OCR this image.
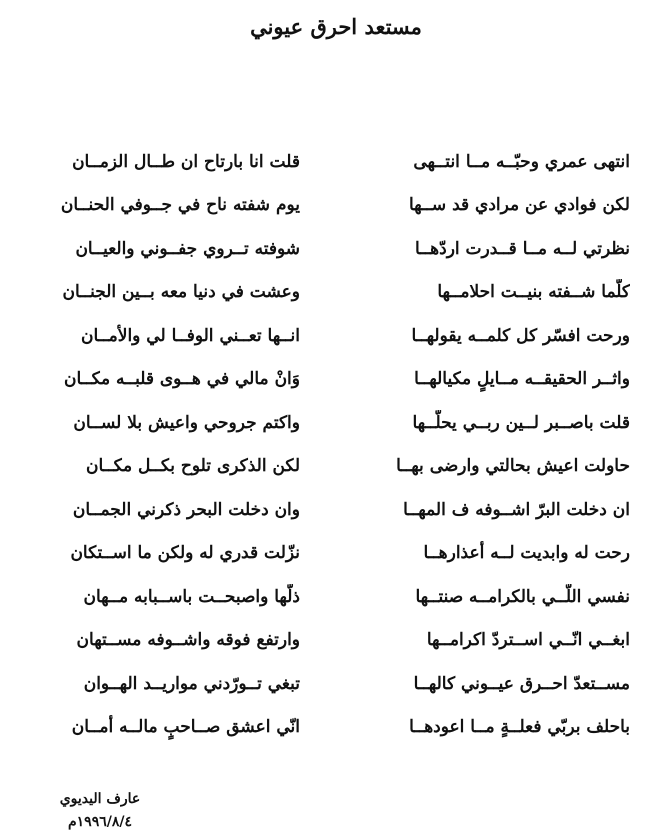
مستعد احرق عيوني
انتهى عمري وحبّــه مــا انتــهى
قلت انا بارتاح ان طــال الزمــان
لكن فوادي عن مرادي قد ســها
يوم شفته ناح في جــوفي الحنــان
نظرتي لــه مــا قــدرت اردّهــا
شوفته تــروي جفــوني والعيــان
كلّما شــفته بنيــت احلامــها
وعشت في دنيا معه بــين الجنــان
ورحت افسّر كل كلمــه يقولهــا
انــها تعــني الوفــا لي والأمــان
واثــر الحقيقــه مــايلٍ مكيالهــا
وَانْ مالي في هــوى قلبــه مكــان
قلت باصــبر لــين ربــي يحلّــها
واكتم جروحي واعيش بلا لســان
حاولت اعيش بحالتي وارضى بهــا
لكن الذكرى تلوح بكــل مكــان
ان دخلت البرّ اشــوفه ف المهــا
وان دخلت البحر ذكرني الجمــان
رحت له وابديت لــه أعذارهــا
نزّلت قدري له ولكن ما اســتكان
نفسي اللّــي بالكرامــه صنتــها
ذلّها واصبحــت باســبابه مــهان
ابغــي انّــي اســتردّ اكرامــها
وارتفع فوقه واشــوفه مســتهان
مســتعدّ احــرق عيــوني كالهــا
تبغي تــورّدني مواريــد الهــوان
باحلف بربّي فعلــةٍ مــا اعودهــا
انّي اعشق صــاحبٍ مالــه أمــان
عارف اليديوي
١٩٩٦/٨/٤م
